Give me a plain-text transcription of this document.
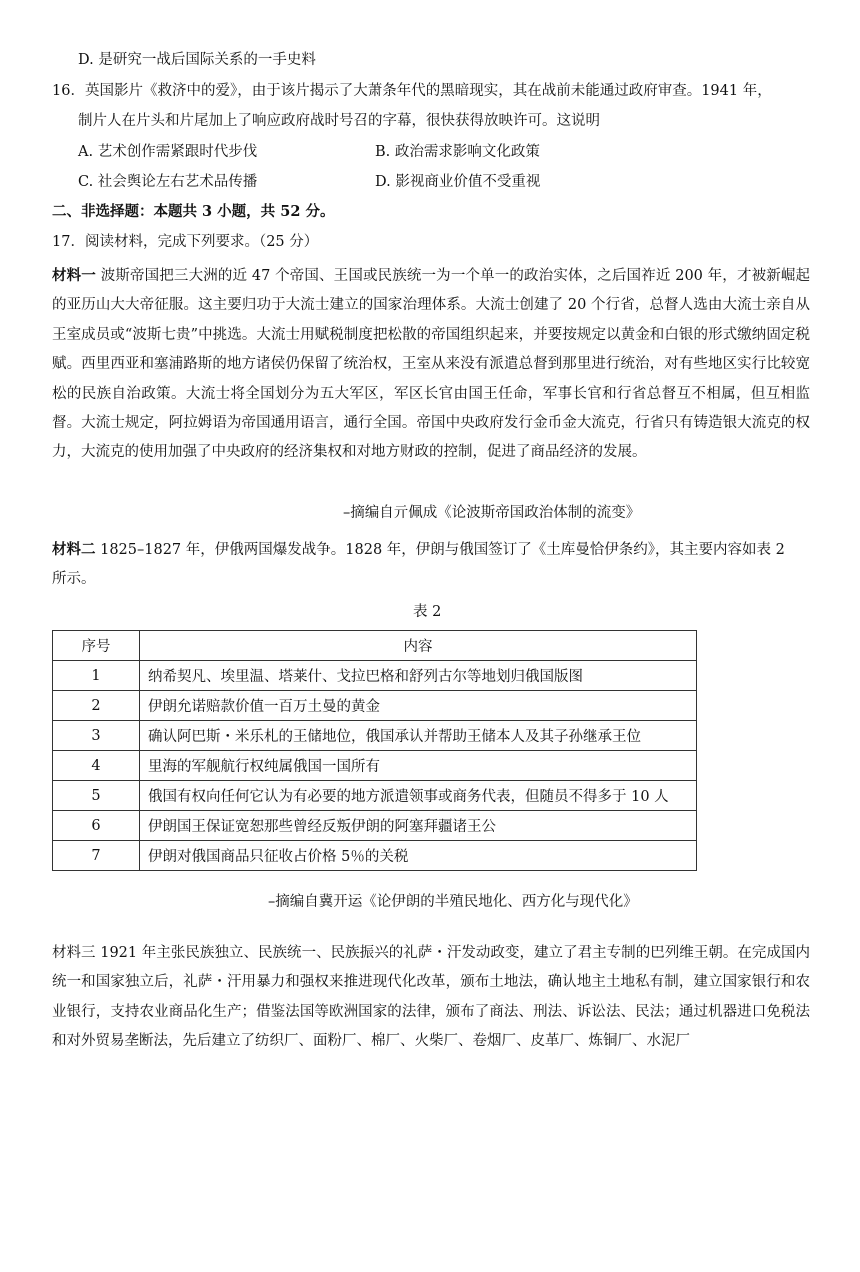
D. 是研究一战后国际关系的一手史料
16．英国影片《救济中的爱》，由于该片揭示了大萧条年代的黑暗现实，其在战前未能通过政府审查。1941 年，
制片人在片头和片尾加上了响应政府战时号召的字幕，很快获得放映许可。这说明
A. 艺术创作需紧跟时代步伐	B. 政治需求影响文化政策
C. 社会舆论左右艺术品传播	D. 影视商业价值不受重视
二、非选择题：本题共 3 小题，共 52 分。
17．阅读材料，完成下列要求。（25 分）
材料一 波斯帝国把三大洲的近 47 个帝国、王国或民族统一为一个单一的政治实体，之后国祚近 200 年，才被新崛起的亚历山大大帝征服。这主要归功于大流士建立的国家治理体系。大流士创建了 20 个行省，总督人选由大流士亲自从王室成员或“波斯七贵”中挑选。大流士用赋税制度把松散的帝国组织起来，并要按规定以黄金和白银的形式缴纳固定税赋。西里西亚和塞浦路斯的地方诸侯仍保留了统治权，王室从来没有派遣总督到那里进行统治，对有些地区实行比较宽松的民族自治政策。大流士将全国划分为五大军区，军区长官由国王任命，军事长官和行省总督互不相属，但互相监督。大流士规定，阿拉姆语为帝国通用语言，通行全国。帝国中央政府发行金币金大流克，行省只有铸造银大流克的权力，大流克的使用加强了中央政府的经济集权和对地方财政的控制，促进了商品经济的发展。
–摘编自亓佩成《论波斯帝国政治体制的流变》
材料二 1825–1827 年，伊俄两国爆发战争。1828 年，伊朗与俄国签订了《土库曼恰伊条约》，其主要内容如表 2
所示。
表 2
序号	内容
1	纳希契凡、埃里温、塔莱什、戈拉巴格和舒列古尔等地划归俄国版图
2	伊朗允诺赔款价值一百万土曼的黄金
3	确认阿巴斯・米乐札的王储地位，俄国承认并帮助王储本人及其子孙继承王位
4	里海的军舰航行权纯属俄国一国所有
5	俄国有权向任何它认为有必要的地方派遣领事或商务代表，但随员不得多于 10 人
6	伊朗国王保证宽恕那些曾经反叛伊朗的阿塞拜疆诸王公
7	伊朗对俄国商品只征收占价格 5％的关税
–摘编自冀开运《论伊朗的半殖民地化、西方化与现代化》
材料三 1921 年主张民族独立、民族统一、民族振兴的礼萨・汗发动政变，建立了君主专制的巴列维王朝。在完成国内统一和国家独立后，礼萨・汗用暴力和强权来推进现代化改革，颁布土地法，确认地主土地私有制，建立国家银行和农业银行，支持农业商品化生产；借鉴法国等欧洲国家的法律，颁布了商法、刑法、诉讼法、民法；通过机器进口免税法和对外贸易垄断法，先后建立了纺织厂、面粉厂、棉厂、火柴厂、卷烟厂、皮革厂、炼铜厂、水泥厂
